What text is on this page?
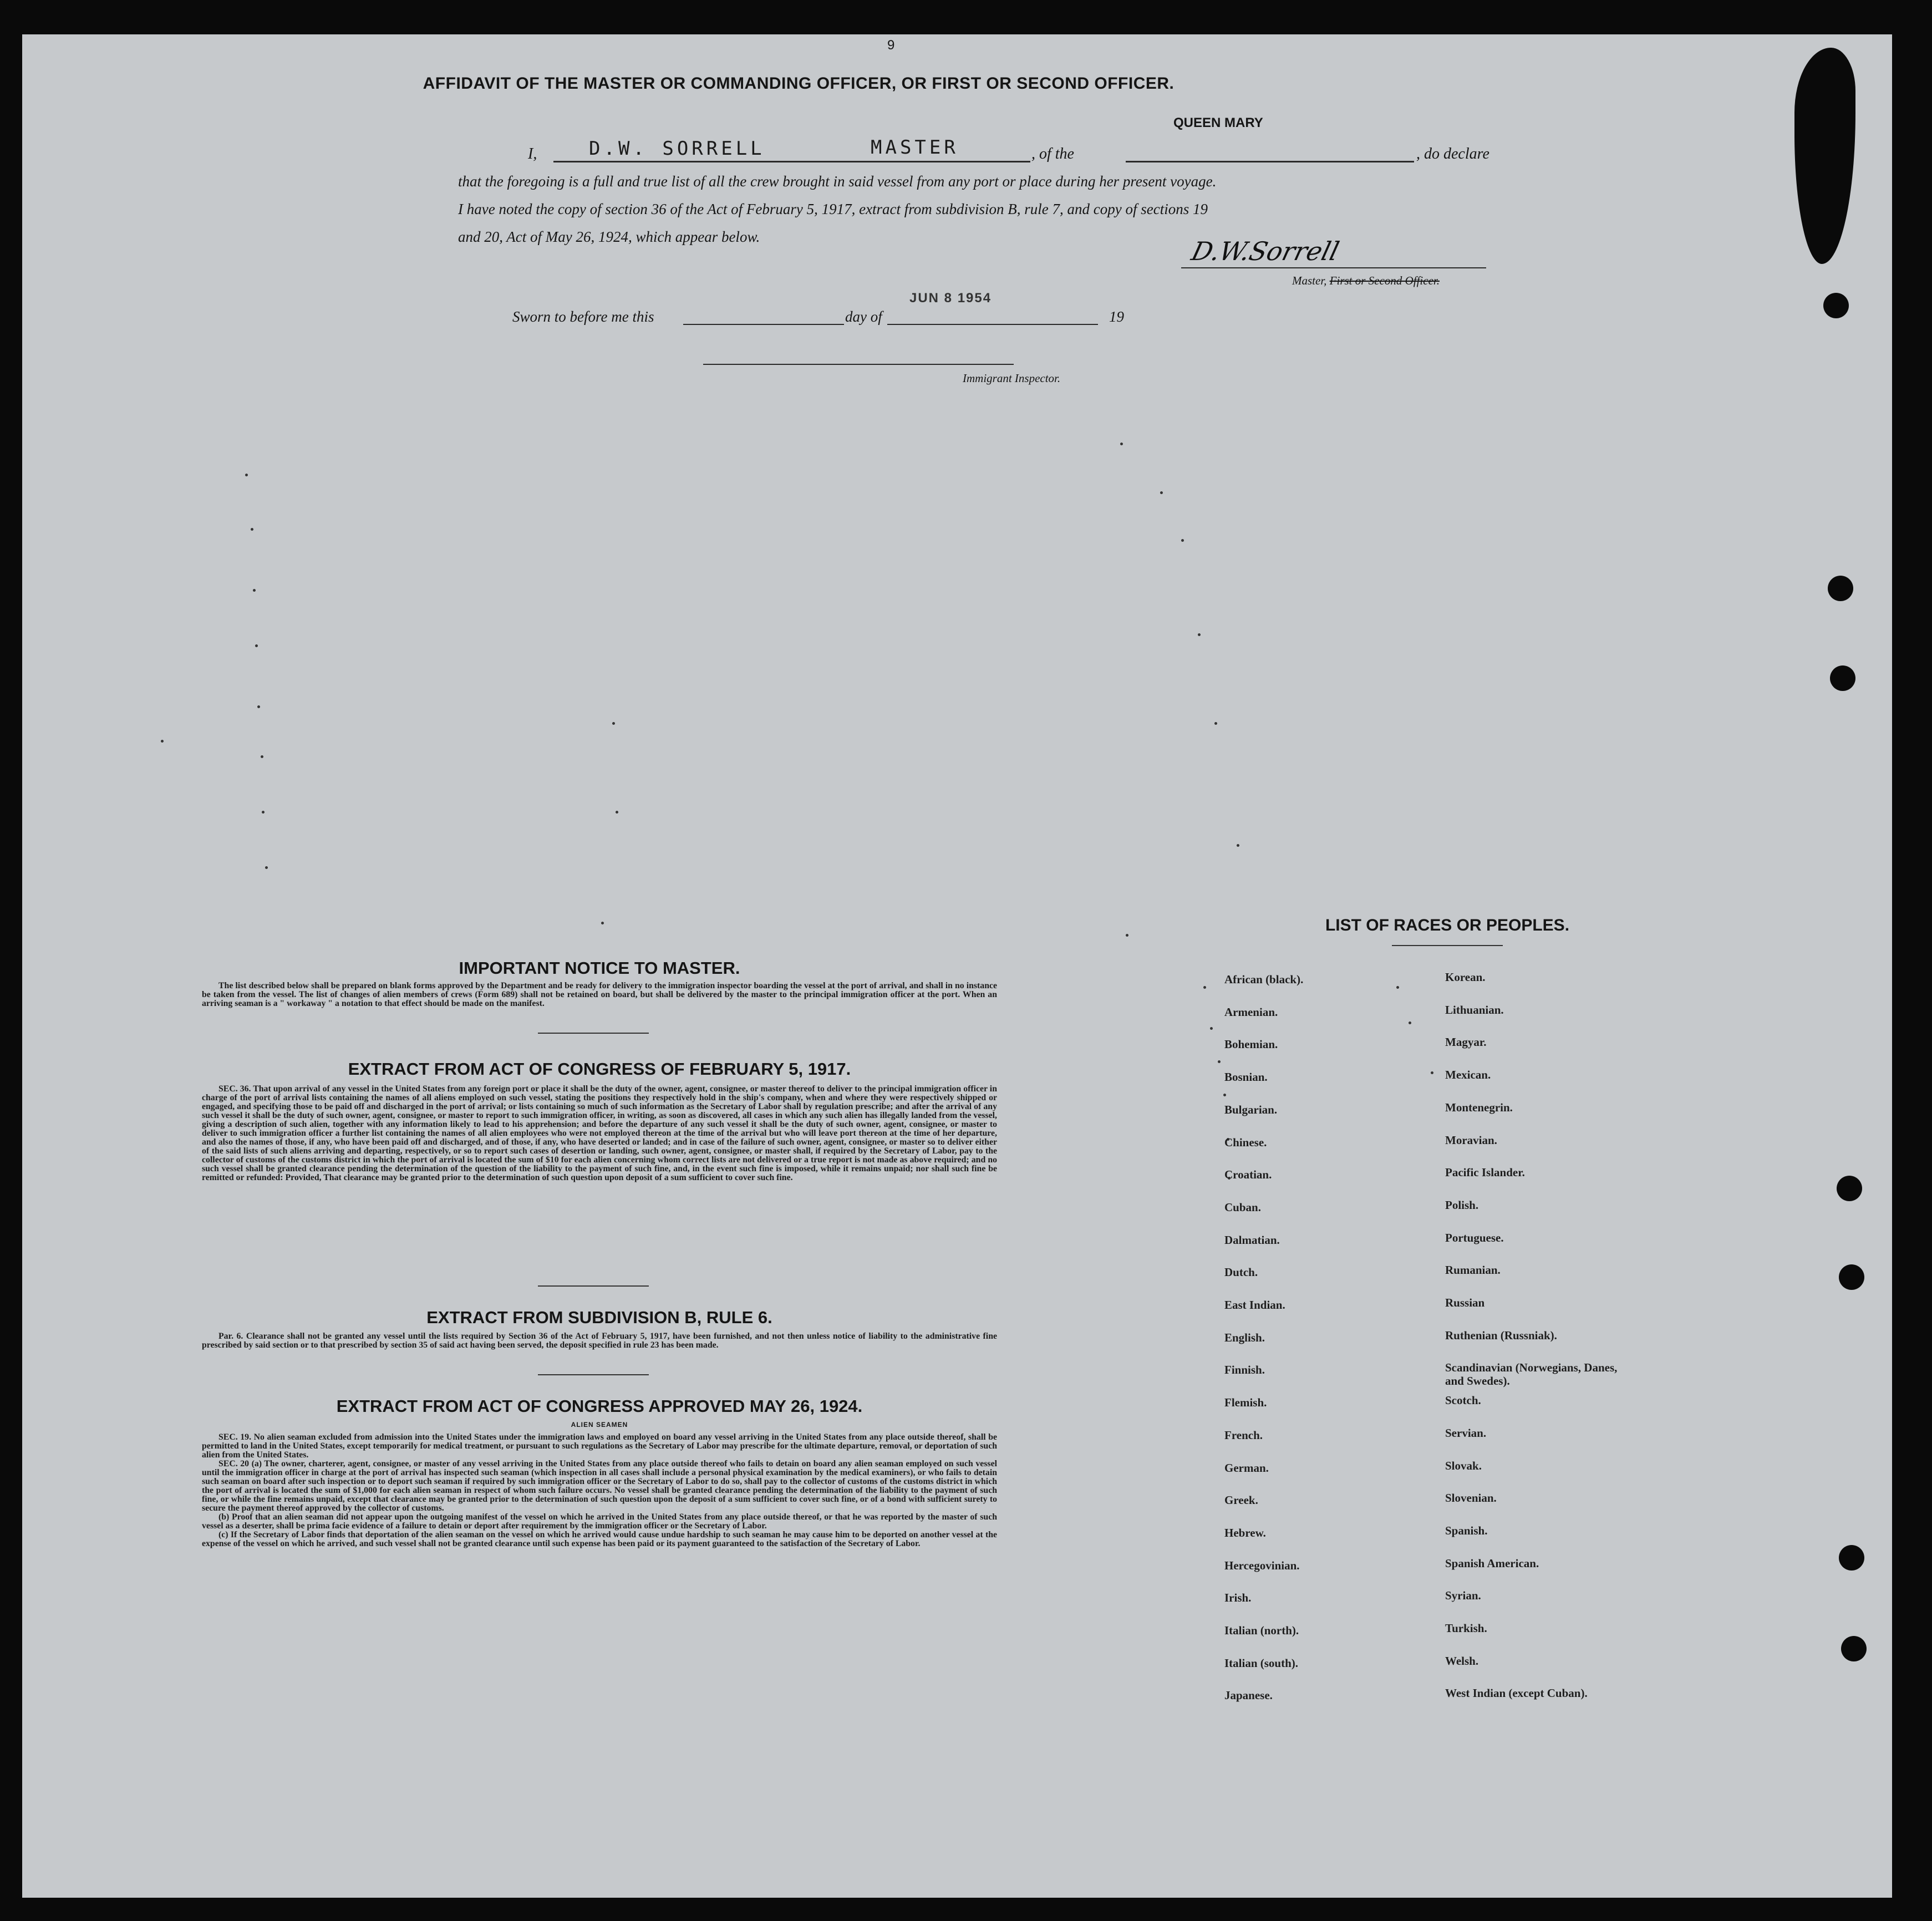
9
AFFIDAVIT OF THE MASTER OR COMMANDING OFFICER, OR FIRST OR SECOND OFFICER.
QUEEN MARY
I,	D.W. SORRELL	MASTER	, of the	, do declare
that the foregoing is a full and true list of all the crew brought in said vessel from any port or place during her present voyage.
I have noted the copy of section 36 of the Act of February 5, 1917, extract from subdivision B, rule 7, and copy of sections 19
and 20, Act of May 26, 1924, which appear below.	D.W.Sorrell
Master, First or Second Officer.
Sworn to before me this	day of
JUN 8 1954
19
Immigrant Inspector.
IMPORTANT NOTICE TO MASTER.
The list described below shall be prepared on blank forms approved by the Department and be ready for delivery to the immigration inspector boarding the vessel at the port of arrival, and shall in no instance be taken from the vessel. The list of changes of alien members of crews (Form 689) shall not be retained on board, but shall be delivered by the master to the principal immigration officer at the port. When an arriving seaman is a " workaway " a notation to that effect should be made on the manifest.
EXTRACT FROM ACT OF CONGRESS OF FEBRUARY 5, 1917.
SEC. 36. That upon arrival of any vessel in the United States from any foreign port or place it shall be the duty of the owner, agent, consignee, or master thereof to deliver to the principal immigration officer in charge of the port of arrival lists containing the names of all aliens employed on such vessel, stating the positions they respectively hold in the ship's company, when and where they were respectively shipped or engaged, and specifying those to be paid off and discharged in the port of arrival; or lists containing so much of such information as the Secretary of Labor shall by regulation prescribe; and after the arrival of any such vessel it shall be the duty of such owner, agent, consignee, or master to report to such immigration officer, in writing, as soon as discovered, all cases in which any such alien has illegally landed from the vessel, giving a description of such alien, together with any information likely to lead to his apprehension; and before the departure of any such vessel it shall be the duty of such owner, agent, consignee, or master to deliver to such immigration officer a further list containing the names of all alien employees who were not employed thereon at the time of the arrival but who will leave port thereon at the time of her departure, and also the names of those, if any, who have been paid off and discharged, and of those, if any, who have deserted or landed; and in case of the failure of such owner, agent, consignee, or master so to deliver either of the said lists of such aliens arriving and departing, respectively, or so to report such cases of desertion or landing, such owner, agent, consignee, or master shall, if required by the Secretary of Labor, pay to the collector of customs of the customs district in which the port of arrival is located the sum of $10 for each alien concerning whom correct lists are not delivered or a true report is not made as above required; and no such vessel shall be granted clearance pending the determination of the question of the liability to the payment of such fine, and, in the event such fine is imposed, while it remains unpaid; nor shall such fine be remitted or refunded: Provided, That clearance may be granted prior to the determination of such question upon deposit of a sum sufficient to cover such fine.
EXTRACT FROM SUBDIVISION B, RULE 6.
Par. 6. Clearance shall not be granted any vessel until the lists required by Section 36 of the Act of February 5, 1917, have been furnished, and not then unless notice of liability to the administrative fine prescribed by said section or to that prescribed by section 35 of said act having been served, the deposit specified in rule 23 has been made.
EXTRACT FROM ACT OF CONGRESS APPROVED MAY 26, 1924.
ALIEN SEAMEN

SEC. 19. No alien seaman excluded from admission into the United States under the immigration laws and employed on board any vessel arriving in the United States from any place outside thereof, shall be permitted to land in the United States, except temporarily for medical treatment, or pursuant to such regulations as the Secretary of Labor may prescribe for the ultimate departure, removal, or deportation of such alien from the United States.

SEC. 20 (a) The owner, charterer, agent, consignee, or master of any vessel arriving in the United States from any place outside thereof who fails to detain on board any alien seaman employed on such vessel until the immigration officer in charge at the port of arrival has inspected such seaman (which inspection in all cases shall include a personal physical examination by the medical examiners), or who fails to detain such seaman on board after such inspection or to deport such seaman if required by such immigration officer or the Secretary of Labor to do so, shall pay to the collector of customs of the customs district in which the port of arrival is located the sum of $1,000 for each alien seaman in respect of whom such failure occurs. No vessel shall be granted clearance pending the determination of the liability to the payment of such fine, or while the fine remains unpaid, except that clearance may be granted prior to the determination of such question upon the deposit of a sum sufficient to cover such fine, or of a bond with sufficient surety to secure the payment thereof approved by the collector of customs.

(b) Proof that an alien seaman did not appear upon the outgoing manifest of the vessel on which he arrived in the United States from any place outside thereof, or that he was reported by the master of such vessel as a deserter, shall be prima facie evidence of a failure to detain or deport after requirement by the immigration officer or the Secretary of Labor.

(c) If the Secretary of Labor finds that deportation of the alien seaman on the vessel on which he arrived would cause undue hardship to such seaman he may cause him to be deported on another vessel at the expense of the vessel on which he arrived, and such vessel shall not be granted clearance until such expense has been paid or its payment guaranteed to the satisfaction of the Secretary of Labor.

LIST OF RACES OR PEOPLES.
African (black).
Armenian.
Bohemian.
Bosnian.
Bulgarian.
Chinese.
Croatian.
Cuban.
Dalmatian.
Dutch.
East Indian.
English.
Finnish.
Flemish.
French.
German.
Greek.
Hebrew.
Hercegovinian.
Irish.
Italian (north).
Italian (south).
Japanese.
Korean.
Lithuanian.
Magyar.
Mexican.
Montenegrin.
Moravian.
Pacific Islander.
Polish.
Portuguese.
Rumanian.
Russian
Ruthenian (Russniak).
Scandinavian (Norwegians, Danes, and Swedes).
Scotch.
Servian.
Slovak.
Slovenian.
Spanish.
Spanish American.
Syrian.
Turkish.
Welsh.
West Indian (except Cuban).
